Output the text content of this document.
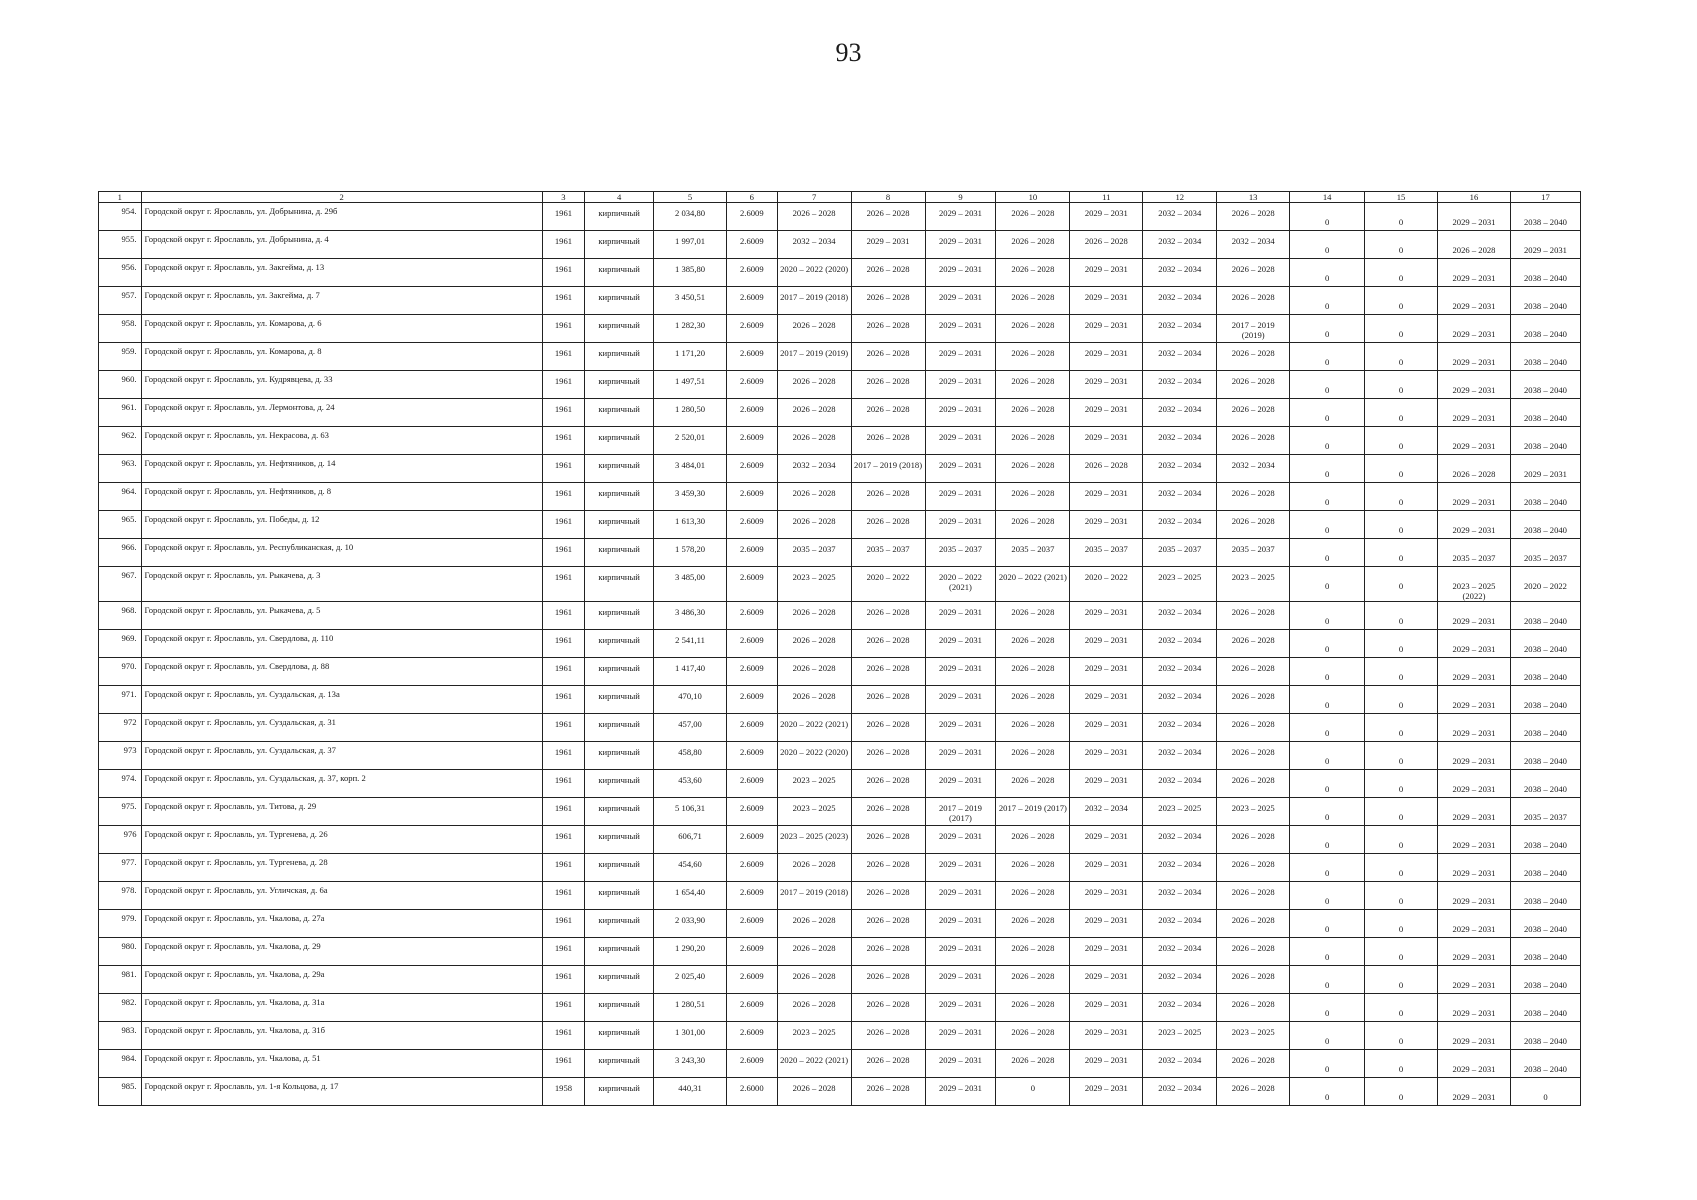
93
1	2	3	4	5	6	7	8	9	10	11	12	13	14	15	16	17
954.	Городской округ г. Ярославль, ул. Добрынина, д. 29б	1961	кирпичный	2 034,80	2.6009	2026 – 2028	2026 – 2028	2029 – 2031	2026 – 2028	2029 – 2031	2032 – 2034	2026 – 2028	0	0	2029 – 2031	2038 – 2040
955.	Городской округ г. Ярославль, ул. Добрынина, д. 4	1961	кирпичный	1 997,01	2.6009	2032 – 2034	2029 – 2031	2029 – 2031	2026 – 2028	2026 – 2028	2032 – 2034	2032 – 2034	0	0	2026 – 2028	2029 – 2031
956.	Городской округ г. Ярославль, ул. Закгейма, д. 13	1961	кирпичный	1 385,80	2.6009	2020 – 2022 (2020)	2026 – 2028	2029 – 2031	2026 – 2028	2029 – 2031	2032 – 2034	2026 – 2028	0	0	2029 – 2031	2038 – 2040
957.	Городской округ г. Ярославль, ул. Закгейма, д. 7	1961	кирпичный	3 450,51	2.6009	2017 – 2019 (2018)	2026 – 2028	2029 – 2031	2026 – 2028	2029 – 2031	2032 – 2034	2026 – 2028	0	0	2029 – 2031	2038 – 2040
958.	Городской округ г. Ярославль, ул. Комарова, д. 6	1961	кирпичный	1 282,30	2.6009	2026 – 2028	2026 – 2028	2029 – 2031	2026 – 2028	2029 – 2031	2032 – 2034	2017 – 2019 (2019)	0	0	2029 – 2031	2038 – 2040
959.	Городской округ г. Ярославль, ул. Комарова, д. 8	1961	кирпичный	1 171,20	2.6009	2017 – 2019 (2019)	2026 – 2028	2029 – 2031	2026 – 2028	2029 – 2031	2032 – 2034	2026 – 2028	0	0	2029 – 2031	2038 – 2040
960.	Городской округ г. Ярославль, ул. Кудрявцева, д. 33	1961	кирпичный	1 497,51	2.6009	2026 – 2028	2026 – 2028	2029 – 2031	2026 – 2028	2029 – 2031	2032 – 2034	2026 – 2028	0	0	2029 – 2031	2038 – 2040
961.	Городской округ г. Ярославль, ул. Лермонтова, д. 24	1961	кирпичный	1 280,50	2.6009	2026 – 2028	2026 – 2028	2029 – 2031	2026 – 2028	2029 – 2031	2032 – 2034	2026 – 2028	0	0	2029 – 2031	2038 – 2040
962.	Городской округ г. Ярославль, ул. Некрасова, д. 63	1961	кирпичный	2 520,01	2.6009	2026 – 2028	2026 – 2028	2029 – 2031	2026 – 2028	2029 – 2031	2032 – 2034	2026 – 2028	0	0	2029 – 2031	2038 – 2040
963.	Городской округ г. Ярославль, ул. Нефтяников, д. 14	1961	кирпичный	3 484,01	2.6009	2032 – 2034	2017 – 2019 (2018)	2029 – 2031	2026 – 2028	2026 – 2028	2032 – 2034	2032 – 2034	0	0	2026 – 2028	2029 – 2031
964.	Городской округ г. Ярославль, ул. Нефтяников, д. 8	1961	кирпичный	3 459,30	2.6009	2026 – 2028	2026 – 2028	2029 – 2031	2026 – 2028	2029 – 2031	2032 – 2034	2026 – 2028	0	0	2029 – 2031	2038 – 2040
965.	Городской округ г. Ярославль, ул. Победы, д. 12	1961	кирпичный	1 613,30	2.6009	2026 – 2028	2026 – 2028	2029 – 2031	2026 – 2028	2029 – 2031	2032 – 2034	2026 – 2028	0	0	2029 – 2031	2038 – 2040
966.	Городской округ г. Ярославль, ул. Республиканская, д. 10	1961	кирпичный	1 578,20	2.6009	2035 – 2037	2035 – 2037	2035 – 2037	2035 – 2037	2035 – 2037	2035 – 2037	2035 – 2037	0	0	2035 – 2037	2035 – 2037
967.	Городской округ г. Ярославль, ул. Рыкачева, д. 3	1961	кирпичный	3 485,00	2.6009	2023 – 2025	2020 – 2022	2020 – 2022 (2021)	2020 – 2022 (2021)	2020 – 2022	2023 – 2025	2023 – 2025	0	0	2023 – 2025 (2022)	2020 – 2022
968.	Городской округ г. Ярославль, ул. Рыкачева, д. 5	1961	кирпичный	3 486,30	2.6009	2026 – 2028	2026 – 2028	2029 – 2031	2026 – 2028	2029 – 2031	2032 – 2034	2026 – 2028	0	0	2029 – 2031	2038 – 2040
969.	Городской округ г. Ярославль, ул. Свердлова, д. 110	1961	кирпичный	2 541,11	2.6009	2026 – 2028	2026 – 2028	2029 – 2031	2026 – 2028	2029 – 2031	2032 – 2034	2026 – 2028	0	0	2029 – 2031	2038 – 2040
970.	Городской округ г. Ярославль, ул. Свердлова, д. 88	1961	кирпичный	1 417,40	2.6009	2026 – 2028	2026 – 2028	2029 – 2031	2026 – 2028	2029 – 2031	2032 – 2034	2026 – 2028	0	0	2029 – 2031	2038 – 2040
971.	Городской округ г. Ярославль, ул. Суздальская, д. 13а	1961	кирпичный	470,10	2.6009	2026 – 2028	2026 – 2028	2029 – 2031	2026 – 2028	2029 – 2031	2032 – 2034	2026 – 2028	0	0	2029 – 2031	2038 – 2040
972	Городской округ г. Ярославль, ул. Суздальская, д. 31	1961	кирпичный	457,00	2.6009	2020 – 2022 (2021)	2026 – 2028	2029 – 2031	2026 – 2028	2029 – 2031	2032 – 2034	2026 – 2028	0	0	2029 – 2031	2038 – 2040
973	Городской округ г. Ярославль, ул. Суздальская, д. 37	1961	кирпичный	458,80	2.6009	2020 – 2022 (2020)	2026 – 2028	2029 – 2031	2026 – 2028	2029 – 2031	2032 – 2034	2026 – 2028	0	0	2029 – 2031	2038 – 2040
974.	Городской округ г. Ярославль, ул. Суздальская, д. 37, корп. 2	1961	кирпичный	453,60	2.6009	2023 – 2025	2026 – 2028	2029 – 2031	2026 – 2028	2029 – 2031	2032 – 2034	2026 – 2028	0	0	2029 – 2031	2038 – 2040
975.	Городской округ г. Ярославль, ул. Титова, д. 29	1961	кирпичный	5 106,31	2.6009	2023 – 2025	2026 – 2028	2017 – 2019 (2017)	2017 – 2019 (2017)	2032 – 2034	2023 – 2025	2023 – 2025	0	0	2029 – 2031	2035 – 2037
976	Городской округ г. Ярославль, ул. Тургенева, д. 26	1961	кирпичный	606,71	2.6009	2023 – 2025 (2023)	2026 – 2028	2029 – 2031	2026 – 2028	2029 – 2031	2032 – 2034	2026 – 2028	0	0	2029 – 2031	2038 – 2040
977.	Городской округ г. Ярославль, ул. Тургенева, д. 28	1961	кирпичный	454,60	2.6009	2026 – 2028	2026 – 2028	2029 – 2031	2026 – 2028	2029 – 2031	2032 – 2034	2026 – 2028	0	0	2029 – 2031	2038 – 2040
978.	Городской округ г. Ярославль, ул. Угличская, д. 6а	1961	кирпичный	1 654,40	2.6009	2017 – 2019 (2018)	2026 – 2028	2029 – 2031	2026 – 2028	2029 – 2031	2032 – 2034	2026 – 2028	0	0	2029 – 2031	2038 – 2040
979.	Городской округ г. Ярославль, ул. Чкалова, д. 27а	1961	кирпичный	2 033,90	2.6009	2026 – 2028	2026 – 2028	2029 – 2031	2026 – 2028	2029 – 2031	2032 – 2034	2026 – 2028	0	0	2029 – 2031	2038 – 2040
980.	Городской округ г. Ярославль, ул. Чкалова, д. 29	1961	кирпичный	1 290,20	2.6009	2026 – 2028	2026 – 2028	2029 – 2031	2026 – 2028	2029 – 2031	2032 – 2034	2026 – 2028	0	0	2029 – 2031	2038 – 2040
981.	Городской округ г. Ярославль, ул. Чкалова, д. 29а	1961	кирпичный	2 025,40	2.6009	2026 – 2028	2026 – 2028	2029 – 2031	2026 – 2028	2029 – 2031	2032 – 2034	2026 – 2028	0	0	2029 – 2031	2038 – 2040
982.	Городской округ г. Ярославль, ул. Чкалова, д. 31а	1961	кирпичный	1 280,51	2.6009	2026 – 2028	2026 – 2028	2029 – 2031	2026 – 2028	2029 – 2031	2032 – 2034	2026 – 2028	0	0	2029 – 2031	2038 – 2040
983.	Городской округ г. Ярославль, ул. Чкалова, д. 31б	1961	кирпичный	1 301,00	2.6009	2023 – 2025	2026 – 2028	2029 – 2031	2026 – 2028	2029 – 2031	2023 – 2025	2023 – 2025	0	0	2029 – 2031	2038 – 2040
984.	Городской округ г. Ярославль, ул. Чкалова, д. 51	1961	кирпичный	3 243,30	2.6009	2020 – 2022 (2021)	2026 – 2028	2029 – 2031	2026 – 2028	2029 – 2031	2032 – 2034	2026 – 2028	0	0	2029 – 2031	2038 – 2040
985.	Городской округ г. Ярославль, ул. 1-я Кольцова, д. 17	1958	кирпичный	440,31	2.6000	2026 – 2028	2026 – 2028	2029 – 2031	0	2029 – 2031	2032 – 2034	2026 – 2028	0	0	2029 – 2031	0
